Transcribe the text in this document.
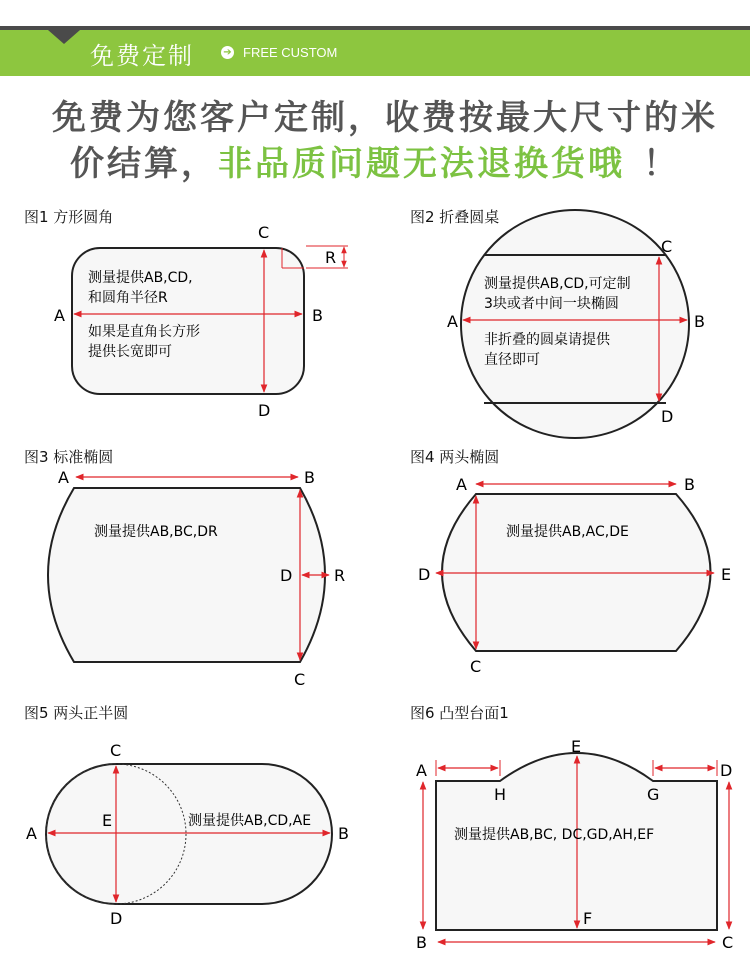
免费定制	➔ FREE CUSTOM
免费为您客户定制，收费按最大尺寸的米
价结算，非品质问题无法退换货哦 ！
图1 方形圆角	图2 折叠圆桌
图3 标准椭圆	图4 两头椭圆
图5 两头正半圆	图6 凸型台面1
A	B
C
D
R
测量提供AB,CD,
和圆角半径R
如果是直角长方形
提供长宽即可
A	B
C
D
测量提供AB,CD,可定制
3块或者中间一块椭圆
非折叠的圆桌请提供
直径即可
A	B
C
D	R
测量提供AB,BC,DR
A	B
C
D	E
测量提供AB,AC,DE
A	B
C
D
E	测量提供AB,CD,AE
A
B	C
D
E
F
G
H
测量提供AB,BC, DC,GD,AH,EF
